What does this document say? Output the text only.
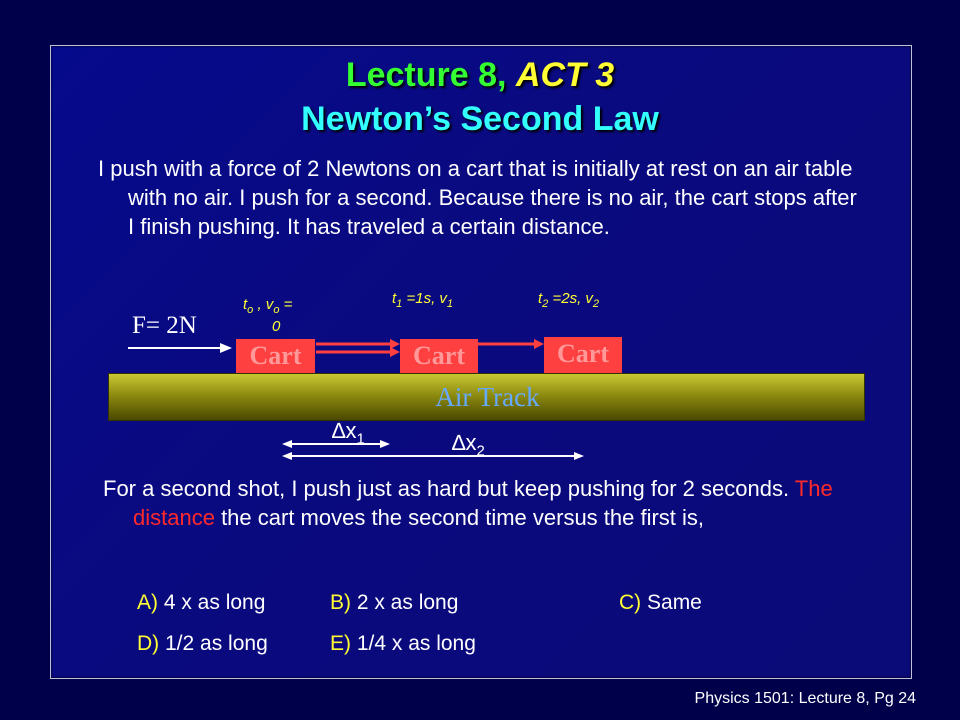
Lecture 8, ACT 3
Newton’s Second Law

I push with a force of 2 Newtons on a cart that is initially at rest on an air table with no air. I push for a second. Because there is no air, the cart stops after I finish pushing. It has traveled a certain distance.

$t_o$ , $v_o$ =
0
$t_1 =1s$, $v_1$	$t_2 =2s$, $v_2$
F= 2N
Cart	Cart	Cart
Air Track
$\Delta x_1$	$\Delta x_2$

For a second shot, I push just as hard but keep pushing for 2 seconds. The distance the cart moves the second time versus the first is,

A) 4 x as long	B) 2 x as long	C) Same
D) 1/2 as long	E) 1/4 x as long
Physics 1501: Lecture 8, Pg 24
